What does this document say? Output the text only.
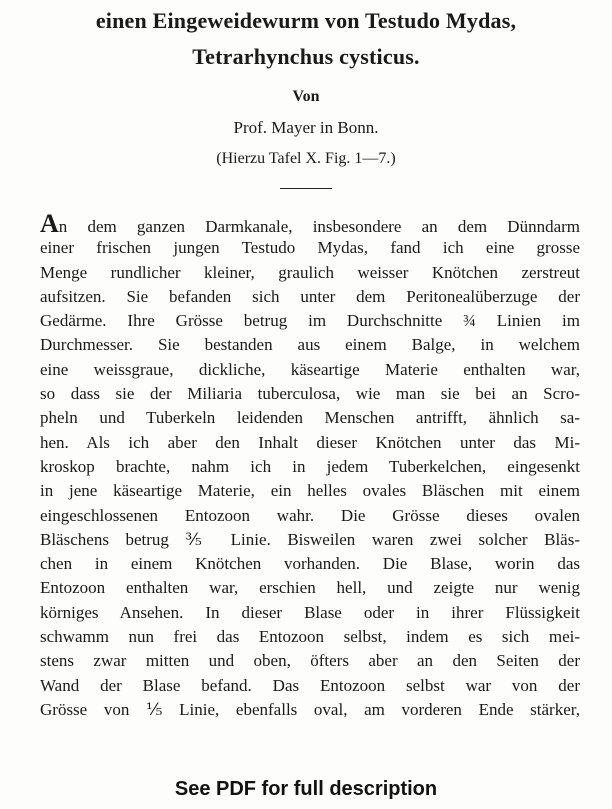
einen Eingeweidewurm von Testudo Mydas,
Tetrarhynchus cysticus.
Von
Prof. Mayer in Bonn.
(Hierzu Tafel X. Fig. 1—7.)
An dem ganzen Darmkanale, insbesondere an dem Dünndarm
einer frischen jungen Testudo Mydas, fand ich eine grosse
Menge rundlicher kleiner, graulich weisser Knötchen zerstreut
aufsitzen. Sie befanden sich unter dem Peritonealüberzuge der
Gedärme. Ihre Grösse betrug im Durchschnitte ¾ Linien im
Durchmesser. Sie bestanden aus einem Balge, in welchem
eine weissgraue, dickliche, käseartige Materie enthalten war,
so dass sie der Miliaria tuberculosa, wie man sie bei an Scro-
pheln und Tuberkeln leidenden Menschen antrifft, ähnlich sa-
hen. Als ich aber den Inhalt dieser Knötchen unter das Mi-
kroskop brachte, nahm ich in jedem Tuberkelchen, eingesenkt
in jene käseartige Materie, ein helles ovales Bläschen mit einem
eingeschlossenen Entozoon wahr. Die Grösse dieses ovalen
Bläschens betrug ⅗ Linie. Bisweilen waren zwei solcher Bläs-
chen in einem Knötchen vorhanden. Die Blase, worin das
Entozoon enthalten war, erschien hell, und zeigte nur wenig
körniges Ansehen. In dieser Blase oder in ihrer Flüssigkeit
schwamm nun frei das Entozoon selbst, indem es sich mei-
stens zwar mitten und oben, öfters aber an den Seiten der
Wand der Blase befand. Das Entozoon selbst war von der
Grösse von ⅕ Linie, ebenfalls oval, am vorderen Ende stärker,
See PDF for full description
